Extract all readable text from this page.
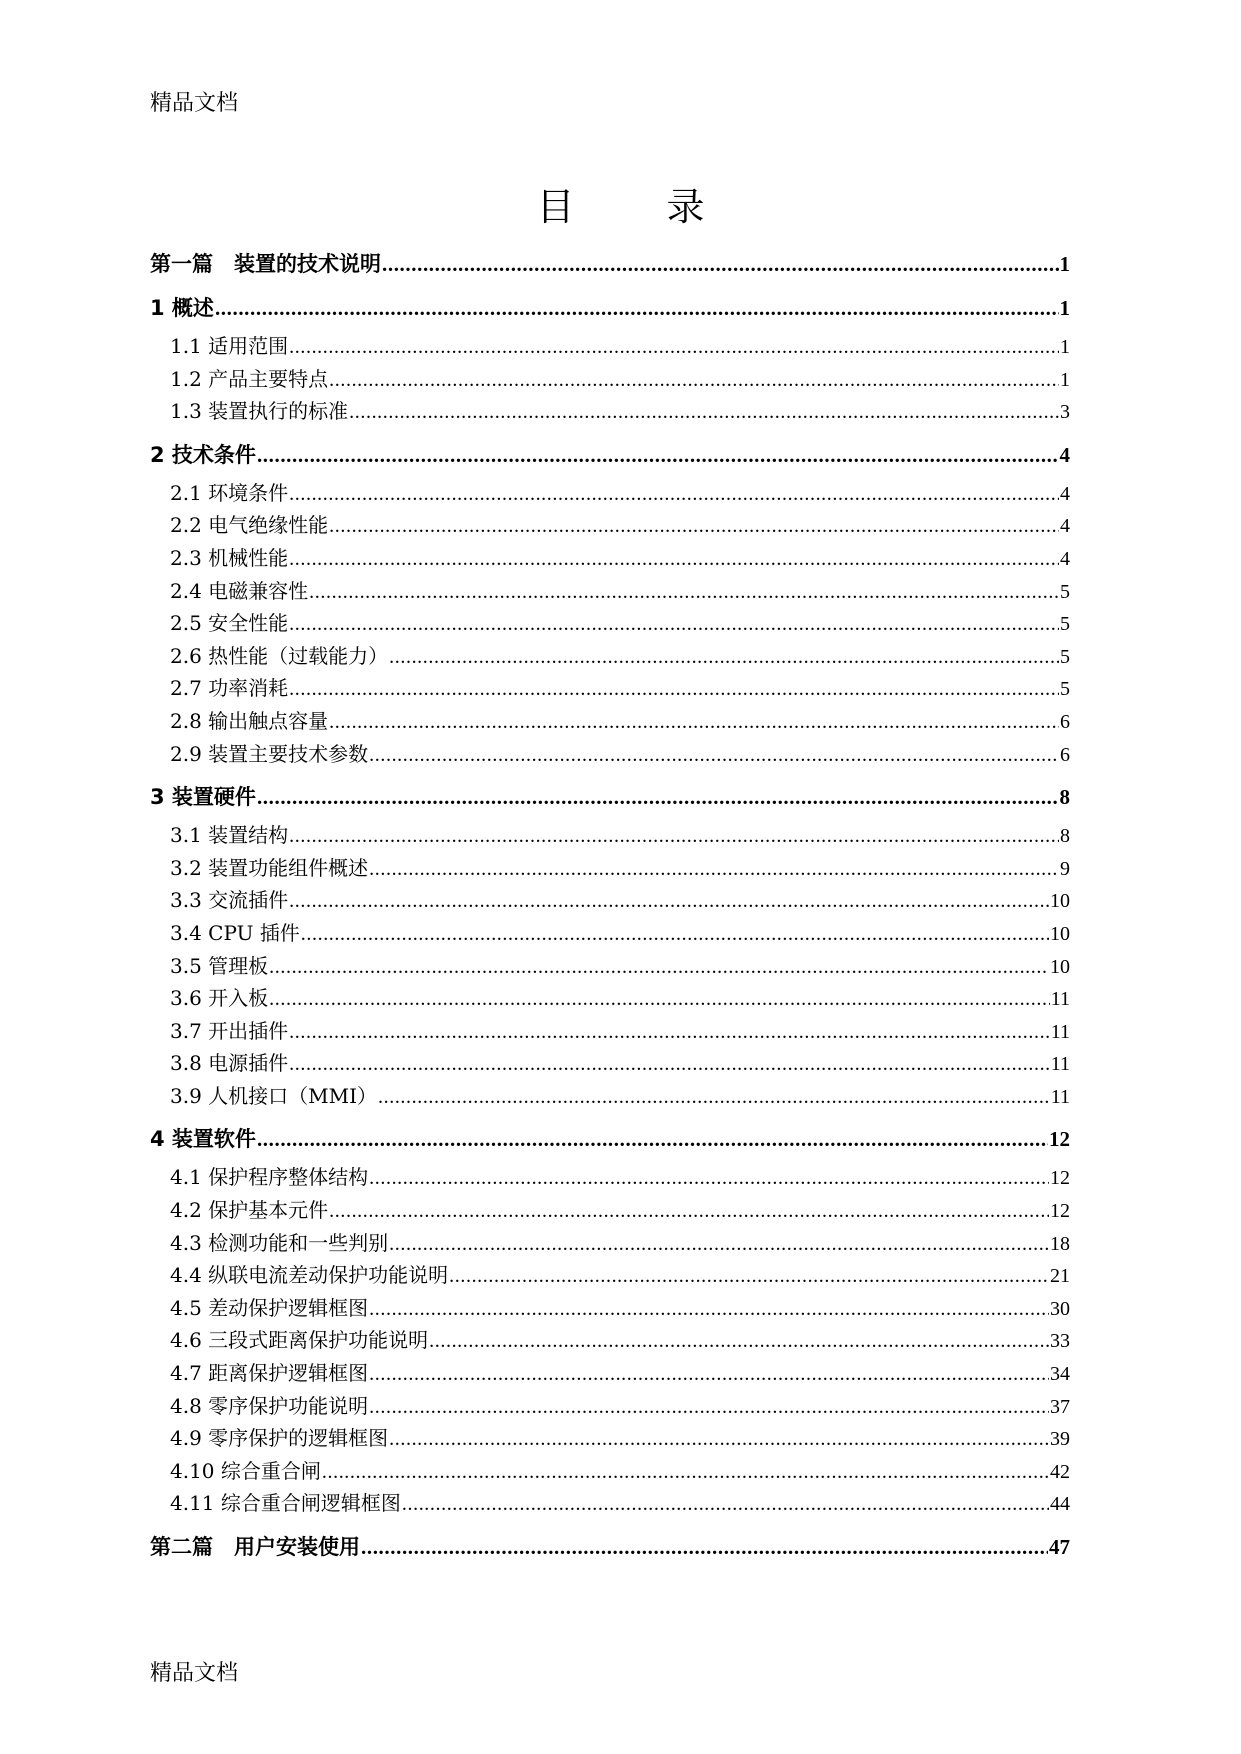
精品文档
目 录
第一篇　装置的技术说明 .....	1
1 概述 .....	1
1.1 适用范围 .....	1
1.2 产品主要特点 .....	1
1.3 装置执行的标准 .....	3
2 技术条件 .....	4
2.1 环境条件 .....	4
2.2 电气绝缘性能 .....	4
2.3 机械性能 .....	4
2.4 电磁兼容性 .....	5
2.5 安全性能 .....	5
2.6 热性能（过载能力） .....	5
2.7 功率消耗 .....	5
2.8 输出触点容量 .....	6
2.9 装置主要技术参数 .....	6
3 装置硬件 .....	8
3.1 装置结构 .....	8
3.2 装置功能组件概述 .....	9
3.3 交流插件 .....	10
3.4 CPU 插件 .....	10
3.5 管理板 .....	10
3.6 开入板 .....	11
3.7 开出插件 .....	11
3.8 电源插件 .....	11
3.9 人机接口（MMI） .....	11
4 装置软件 .....	12
4.1 保护程序整体结构 .....	12
4.2 保护基本元件 .....	12
4.3 检测功能和一些判别 .....	18
4.4 纵联电流差动保护功能说明 .....	21
4.5 差动保护逻辑框图 .....	30
4.6 三段式距离保护功能说明 .....	33
4.7 距离保护逻辑框图 .....	34
4.8 零序保护功能说明 .....	37
4.9 零序保护的逻辑框图 .....	39
4.10 综合重合闸 .....	42
4.11 综合重合闸逻辑框图 .....	44
第二篇　用户安装使用 .....	47
精品文档
